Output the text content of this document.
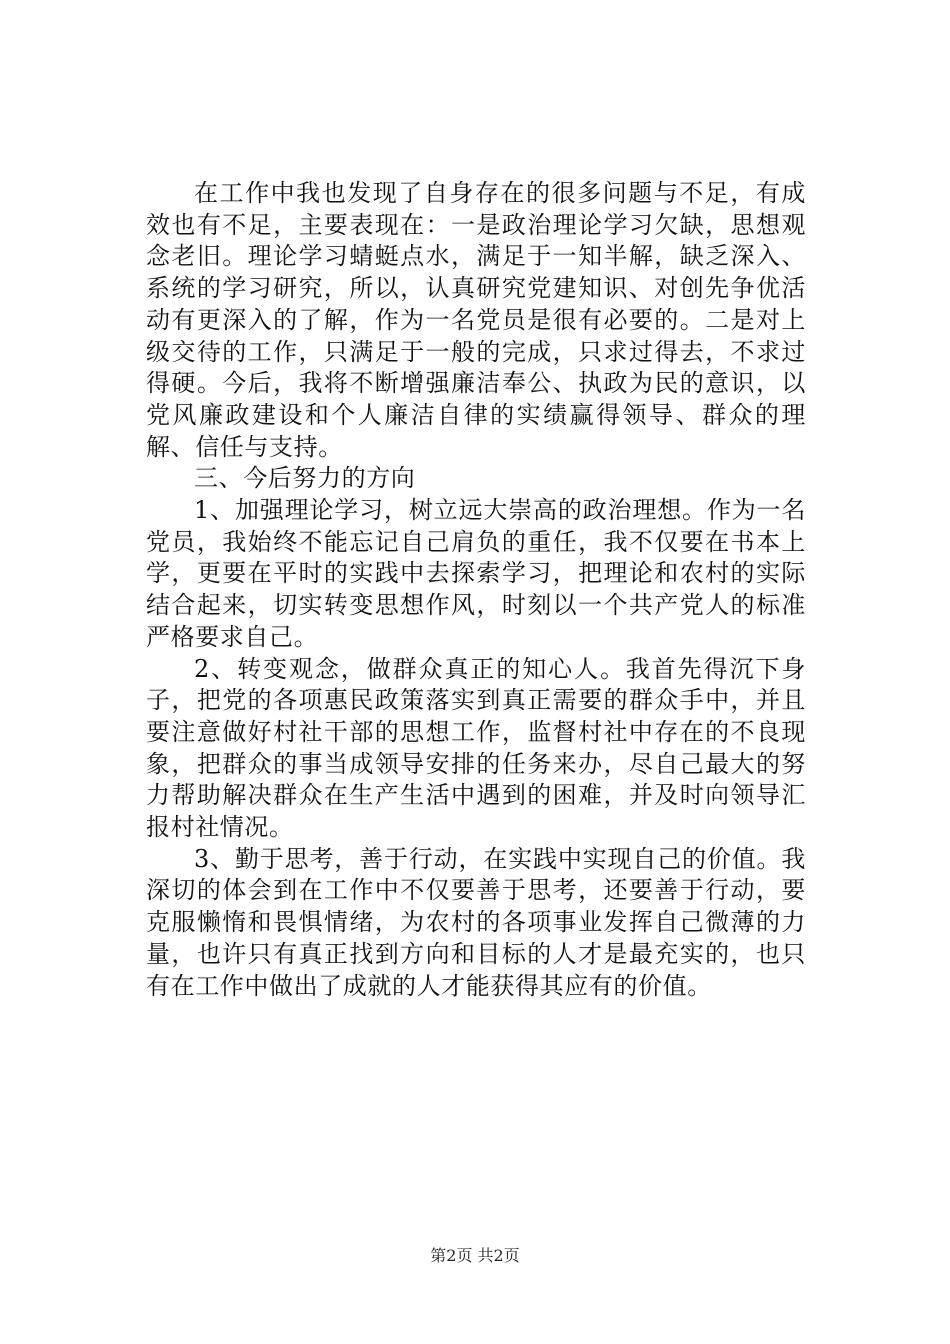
在工作中我也发现了自身存在的很多问题与不足，有成效也有不足，主要表现在：一是政治理论学习欠缺，思想观念老旧。理论学习蜻蜓点水，满足于一知半解，缺乏深入、系统的学习研究，所以，认真研究党建知识、对创先争优活动有更深入的了解，作为一名党员是很有必要的。二是对上级交待的工作，只满足于一般的完成，只求过得去，不求过得硬。今后，我将不断增强廉洁奉公、执政为民的意识，以党风廉政建设和个人廉洁自律的实绩赢得领导、群众的理解、信任与支持。

三、今后努力的方向

1、加强理论学习，树立远大崇高的政治理想。作为一名党员，我始终不能忘记自己肩负的重任，我不仅要在书本上学，更要在平时的实践中去探索学习，把理论和农村的实际结合起来，切实转变思想作风，时刻以一个共产党人的标准严格要求自己。

2、转变观念，做群众真正的知心人。我首先得沉下身子，把党的各项惠民政策落实到真正需要的群众手中，并且要注意做好村社干部的思想工作，监督村社中存在的不良现象，把群众的事当成领导安排的任务来办，尽自己最大的努力帮助解决群众在生产生活中遇到的困难，并及时向领导汇报村社情况。

3、勤于思考，善于行动，在实践中实现自己的价值。我深切的体会到在工作中不仅要善于思考，还要善于行动，要克服懒惰和畏惧情绪，为农村的各项事业发挥自己微薄的力量，也许只有真正找到方向和目标的人才是最充实的，也只有在工作中做出了成就的人才能获得其应有的价值。

第2页 共2页
